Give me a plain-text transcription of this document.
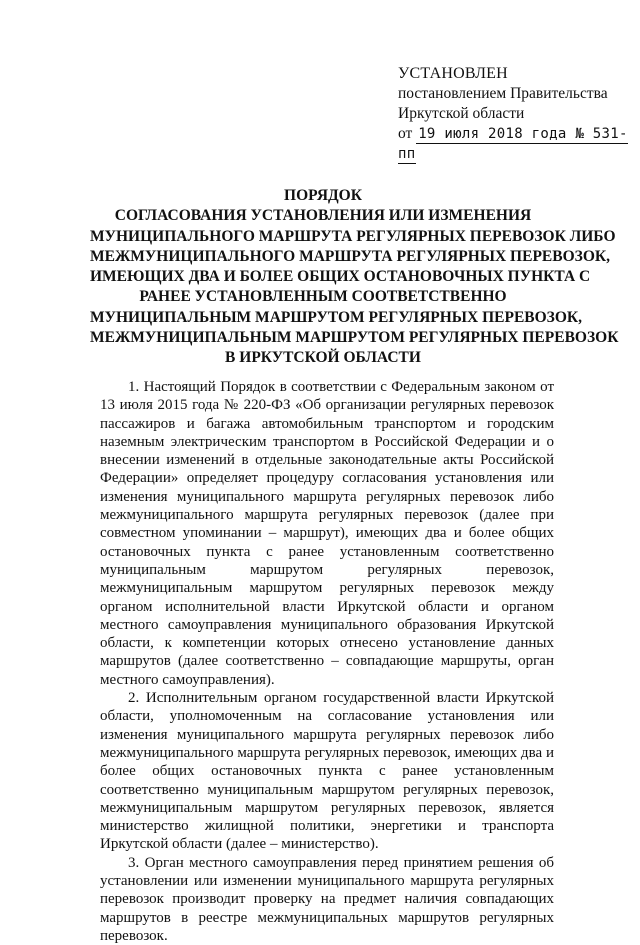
УСТАНОВЛЕН
постановлением Правительства
Иркутской области
от 19 июля 2018 года № 531-пп
ПОРЯДОК
СОГЛАСОВАНИЯ УСТАНОВЛЕНИЯ ИЛИ ИЗМЕНЕНИЯ
МУНИЦИПАЛЬНОГО МАРШРУТА РЕГУЛЯРНЫХ ПЕРЕВОЗОК ЛИБО
МЕЖМУНИЦИПАЛЬНОГО МАРШРУТА РЕГУЛЯРНЫХ ПЕРЕВОЗОК,
ИМЕЮЩИХ ДВА И БОЛЕЕ ОБЩИХ ОСТАНОВОЧНЫХ ПУНКТА С
РАНЕЕ УСТАНОВЛЕННЫМ СООТВЕТСТВЕННО
МУНИЦИПАЛЬНЫМ МАРШРУТОМ РЕГУЛЯРНЫХ ПЕРЕВОЗОК,
МЕЖМУНИЦИПАЛЬНЫМ МАРШРУТОМ РЕГУЛЯРНЫХ ПЕРЕВОЗОК
В ИРКУТСКОЙ ОБЛАСТИ

1. Настоящий Порядок в соответствии с Федеральным законом от 13 июля 2015 года № 220-ФЗ «Об организации регулярных перевозок пассажиров и багажа автомобильным транспортом и городским наземным электрическим транспортом в Российской Федерации и о внесении изменений в отдельные законодательные акты Российской Федерации» определяет процедуру согласования установления или изменения муниципального маршрута регулярных перевозок либо межмуниципального маршрута регулярных перевозок (далее при совместном упоминании – маршрут), имеющих два и более общих остановочных пункта с ранее установленным соответственно муниципальным маршрутом регулярных перевозок, межмуниципальным маршрутом регулярных перевозок между органом исполнительной власти Иркутской области и органом местного самоуправления муниципального образования Иркутской области, к компетенции которых отнесено установление данных маршрутов (далее соответственно – совпадающие маршруты, орган местного самоуправления).

2. Исполнительным органом государственной власти Иркутской области, уполномоченным на согласование установления или изменения муниципального маршрута регулярных перевозок либо межмуниципального маршрута регулярных перевозок, имеющих два и более общих остановочных пункта с ранее установленным соответственно муниципальным маршрутом регулярных перевозок, межмуниципальным маршрутом регулярных перевозок, является министерство жилищной политики, энергетики и транспорта Иркутской области (далее – министерство).

3. Орган местного самоуправления перед принятием решения об установлении или изменении муниципального маршрута регулярных перевозок производит проверку на предмет наличия совпадающих маршрутов в реестре межмуниципальных маршрутов регулярных перевозок.
